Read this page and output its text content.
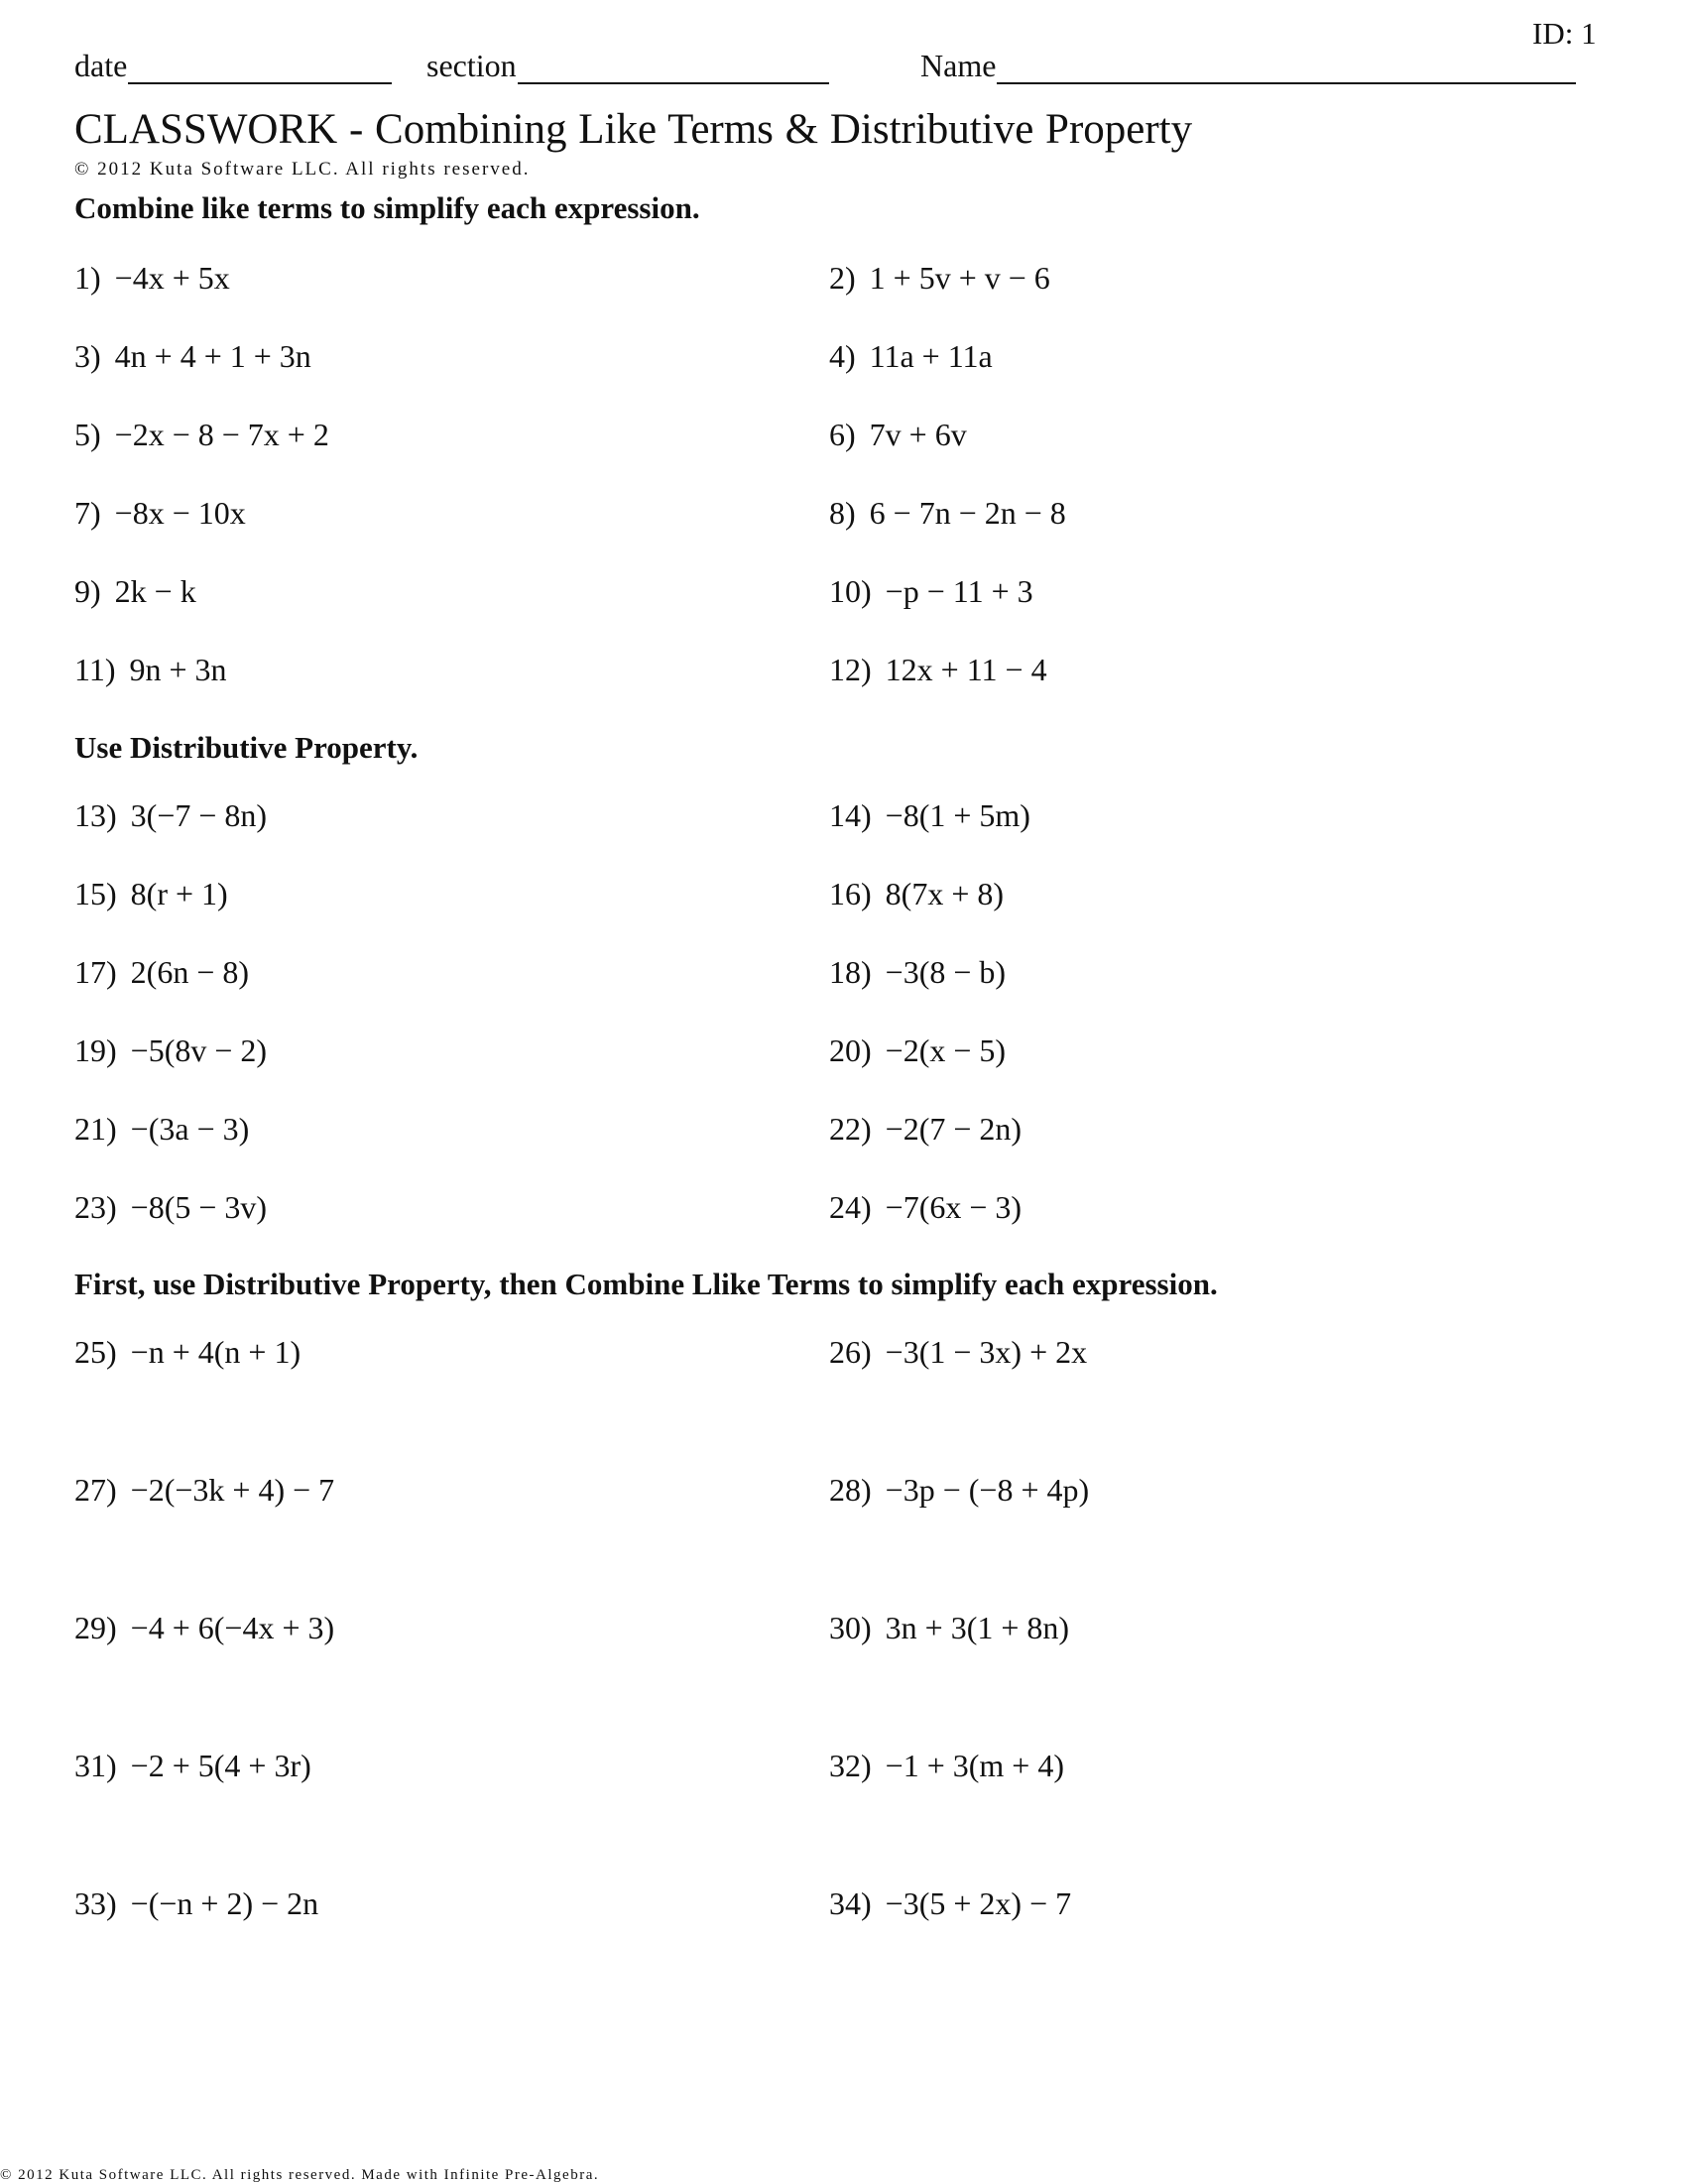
ID: 1
date	section	Name
CLASSWORK - Combining Like Terms & Distributive Property
© 2012 Kuta Software LLC. All rights reserved.
Combine like terms to simplify each expression.
1) −4x + 5x	2) 1 + 5v + v − 6
3) 4n + 4 + 1 + 3n	4) 11a + 11a
5) −2x − 8 − 7x + 2	6) 7v + 6v
7) −8x − 10x	8) 6 − 7n − 2n − 8
9) 2k − k	10) −p − 11 + 3
11) 9n + 3n	12) 12x + 11 − 4
Use Distributive Property.
13) 3(−7 − 8n)	14) −8(1 + 5m)
15) 8(r + 1)	16) 8(7x + 8)
17) 2(6n − 8)	18) −3(8 − b)
19) −5(8v − 2)	20) −2(x − 5)
21) −(3a − 3)	22) −2(7 − 2n)
23) −8(5 − 3v)	24) −7(6x − 3)
First, use Distributive Property, then Combine Llike Terms to simplify each expression.
25) −n + 4(n + 1)	26) −3(1 − 3x) + 2x
27) −2(−3k + 4) − 7	28) −3p − (−8 + 4p)
29) −4 + 6(−4x + 3)	30) 3n + 3(1 + 8n)
31) −2 + 5(4 + 3r)	32) −1 + 3(m + 4)
33) −(−n + 2) − 2n	34) −3(5 + 2x) − 7
© 2012 Kuta Software LLC. All rights reserved. Made with Infinite Pre-Algebra.
